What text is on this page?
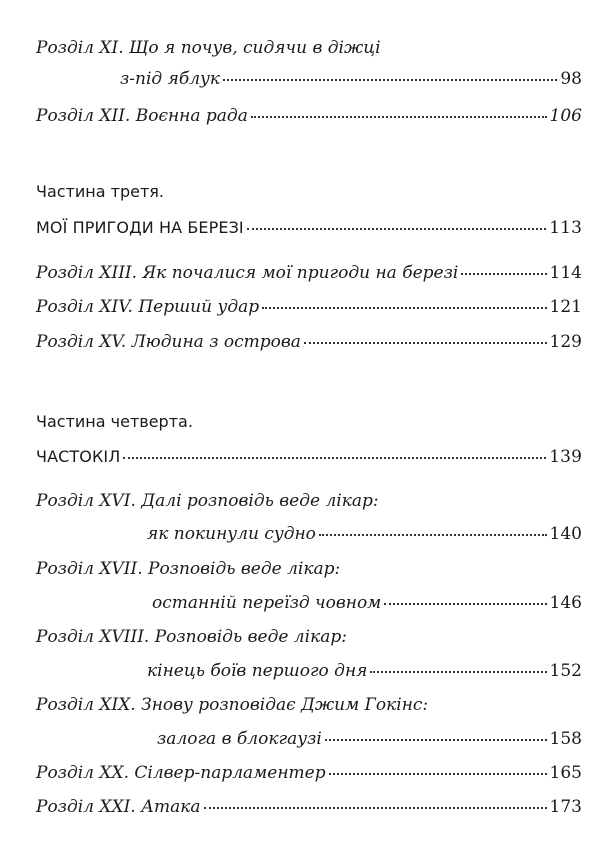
Розділ XI. Що я почув, сидячи в діжці
з-під яблук	98
Розділ XII. Воєнна рада	106
Частина третя.
МОЇ ПРИГОДИ НА БЕРЕЗІ	113
Розділ XIII. Як почалися мої пригоди на березі	114
Розділ XIV. Перший удар	121
Розділ XV. Людина з острова	129
Частина четверта.
ЧАСТОКІЛ	139
Розділ XVI. Далі розповідь веде лікар:
як покинули судно	140
Розділ XVII. Розповідь веде лікар:
останній переїзд човном	146
Розділ XVIII. Розповідь веде лікар:
кінець боїв першого дня	152
Розділ XIX. Знову розповідає Джим Гокінс:
залога в блокгаузі	158
Розділ XX. Сілвер-парламентер	165
Розділ XXI. Атака	173
